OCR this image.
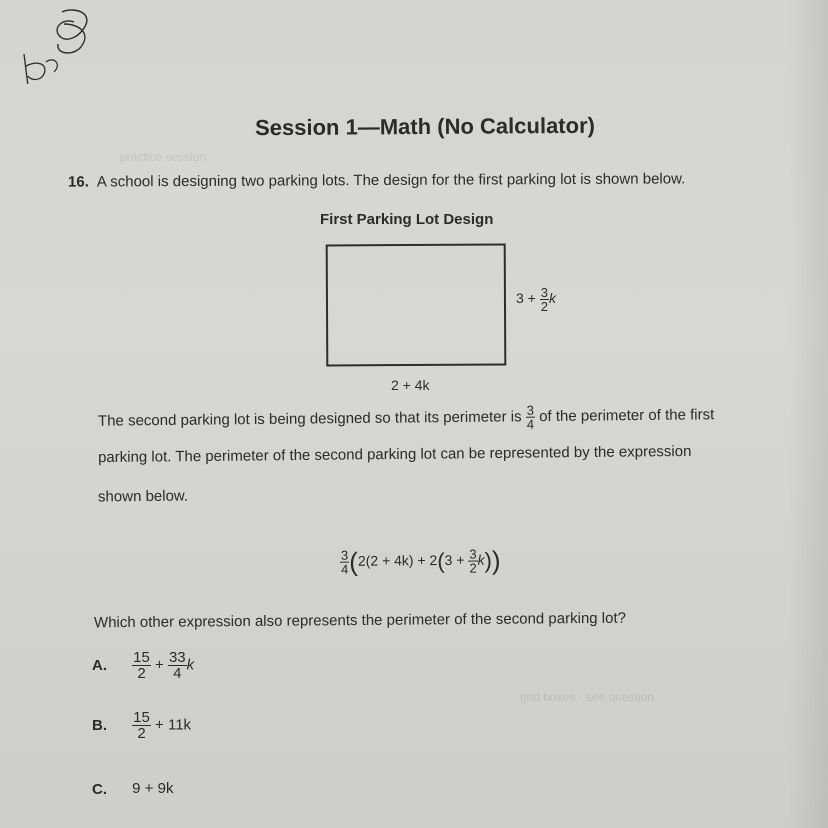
practice session
grid boxes · see question
Session 1—Math (No Calculator)
16. A school is designing two parking lots. The design for the first parking lot is shown below.
First Parking Lot Design
$3 + \frac{3}{2}$ k
2 + 4k
The second parking lot is being designed so that its perimeter is $\frac{3}{4}$ of the perimeter of the first
parking lot. The perimeter of the second parking lot can be represented by the expression
shown below.
$\frac{3}{4} (2(2 + 4k) + 2(3 + \frac{3}{2} k))$
Which other expression also represents the perimeter of the second parking lot?
A. $\frac{15}{2} + \frac{33}{4}$ k
B. $\frac{15}{2} + 11k$
C. 9 + 9k
